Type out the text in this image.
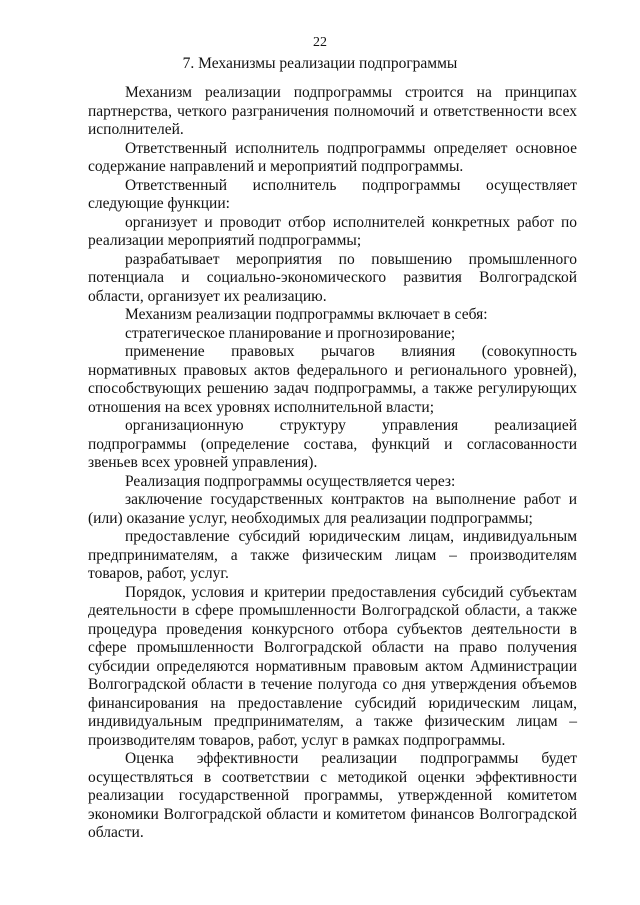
22
7. Механизмы реализации подпрограммы

Механизм реализации подпрограммы строится на принципах партнерства, четкого разграничения полномочий и ответственности всех исполнителей.

Ответственный исполнитель подпрограммы определяет основное содержание направлений и мероприятий подпрограммы.

Ответственный исполнитель подпрограммы осуществляет следующие функции:

организует и проводит отбор исполнителей конкретных работ по реализации мероприятий подпрограммы;

разрабатывает мероприятия по повышению промышленного потенциала и социально-экономического развития Волгоградской области, организует их реализацию.

Механизм реализации подпрограммы включает в себя:

стратегическое планирование и прогнозирование;

применение правовых рычагов влияния (совокупность нормативных правовых актов федерального и регионального уровней), способствующих решению задач подпрограммы, а также регулирующих отношения на всех уровнях исполнительной власти;

организационную структуру управления реализацией подпрограммы (определение состава, функций и согласованности звеньев всех уровней управления).

Реализация подпрограммы осуществляется через:

заключение государственных контрактов на выполнение работ и (или) оказание услуг, необходимых для реализации подпрограммы;

предоставление субсидий юридическим лицам, индивидуальным предпринимателям, а также физическим лицам – производителям товаров, работ, услуг.

Порядок, условия и критерии предоставления субсидий субъектам деятельности в сфере промышленности Волгоградской области, а также процедура проведения конкурсного отбора субъектов деятельности в сфере промышленности Волгоградской области на право получения субсидии определяются нормативным правовым актом Администрации Волгоградской области в течение полугода со дня утверждения объемов финансирования на предоставление субсидий юридическим лицам, индивидуальным предпринимателям, а также физическим лицам – производителям товаров, работ, услуг в рамках подпрограммы.

Оценка эффективности реализации подпрограммы будет осуществляться в соответствии с методикой оценки эффективности реализации государственной программы, утвержденной комитетом экономики Волгоградской области и комитетом финансов Волгоградской области.
